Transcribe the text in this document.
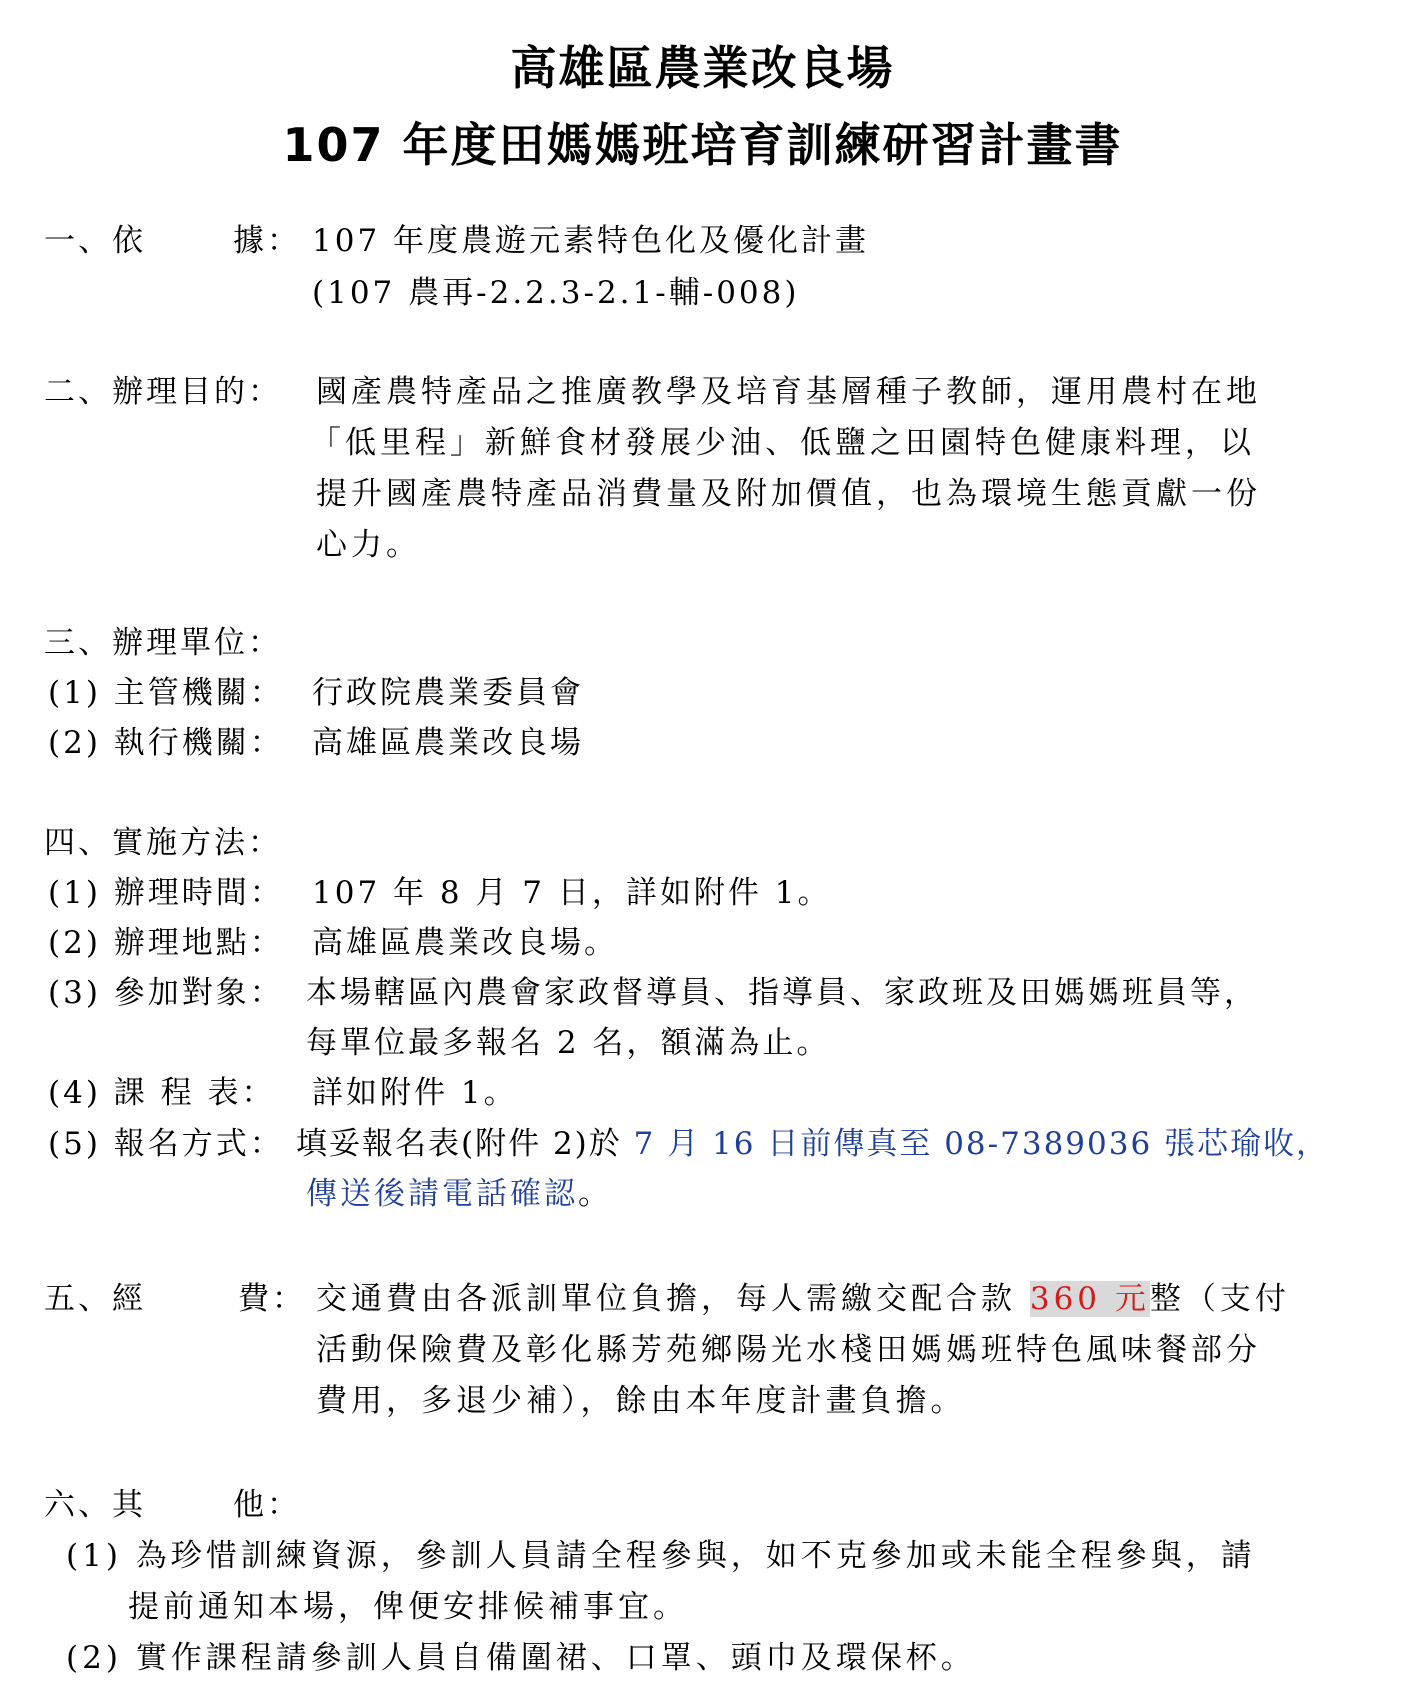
高雄區農業改良場
107 年度田媽媽班培育訓練研習計畫書
一、依	據： 107 年度農遊元素特色化及優化計畫
(107 農再-2.2.3-2.1-輔-008)
二、辦理目的： 國產農特產品之推廣教學及培育基層種子教師，運用農村在地
「低里程」新鮮食材發展少油、低鹽之田園特色健康料理，以
提升國產農特產品消費量及附加價值，也為環境生態貢獻一份
心力。
三、辦理單位：
(1) 主管機關： 行政院農業委員會
(2) 執行機關： 高雄區農業改良場
四、實施方法：
(1) 辦理時間： 107 年 8 月 7 日，詳如附件 1。
(2) 辦理地點： 高雄區農業改良場。
(3) 參加對象： 本場轄區內農會家政督導員、指導員、家政班及田媽媽班員等，
每單位最多報名 2 名，額滿為止。
(4) 課 程 表： 詳如附件 1。
(5) 報名方式： 填妥報名表(附件 2)於 7 月 16 日前傳真至 08-7389036 張芯瑜收，
傳送後請電話確認。
五、經	費： 交通費由各派訓單位負擔，每人需繳交配合款 360 元整（支付
活動保險費及彰化縣芳苑鄉陽光水棧田媽媽班特色風味餐部分
費用，多退少補），餘由本年度計畫負擔。
六、其	他：
(1) 為珍惜訓練資源，參訓人員請全程參與，如不克參加或未能全程參與，請
提前通知本場，俾便安排候補事宜。
(2) 實作課程請參訓人員自備圍裙、口罩、頭巾及環保杯。
